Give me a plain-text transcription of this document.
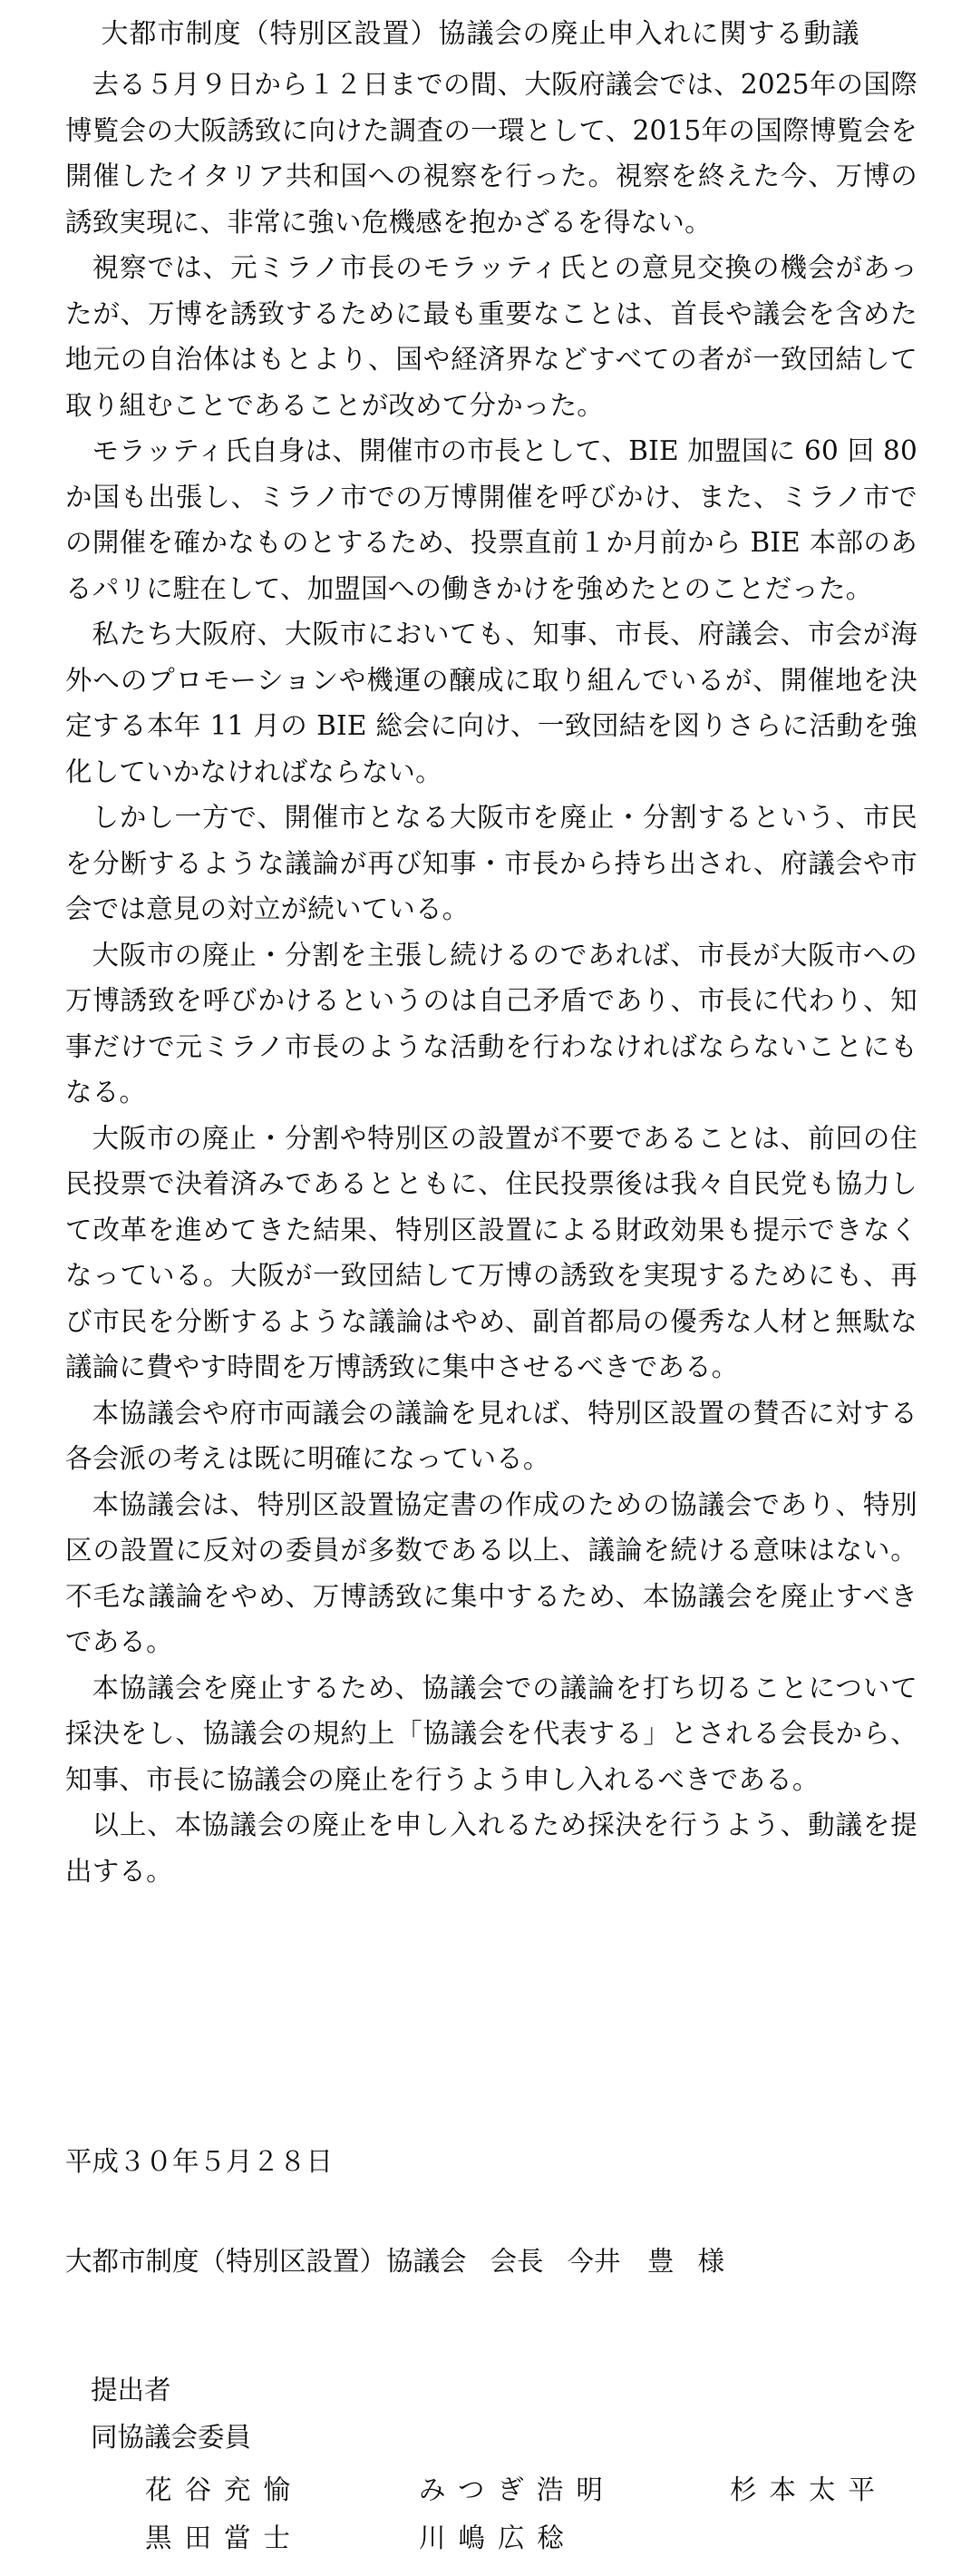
大都市制度（特別区設置）協議会の廃止申入れに関する動議

去る５月９日から１２日までの間、大阪府議会では、2025年の国際博覧会の大阪誘致に向けた調査の一環として、2015年の国際博覧会を開催したイタリア共和国への視察を行った。視察を終えた今、万博の誘致実現に、非常に強い危機感を抱かざるを得ない。

視察では、元ミラノ市長のモラッティ氏との意見交換の機会があったが、万博を誘致するために最も重要なことは、首長や議会を含めた地元の自治体はもとより、国や経済界などすべての者が一致団結して取り組むことであることが改めて分かった。

モラッティ氏自身は、開催市の市長として、BIE 加盟国に 60 回 80 か国も出張し、ミラノ市での万博開催を呼びかけ、また、ミラノ市での開催を確かなものとするため、投票直前１か月前から BIE 本部のあるパリに駐在して、加盟国への働きかけを強めたとのことだった。

私たち大阪府、大阪市においても、知事、市長、府議会、市会が海外へのプロモーションや機運の醸成に取り組んでいるが、開催地を決定する本年 11 月の BIE 総会に向け、一致団結を図りさらに活動を強化していかなければならない。

しかし一方で、開催市となる大阪市を廃止・分割するという、市民を分断するような議論が再び知事・市長から持ち出され、府議会や市会では意見の対立が続いている。

大阪市の廃止・分割を主張し続けるのであれば、市長が大阪市への万博誘致を呼びかけるというのは自己矛盾であり、市長に代わり、知事だけで元ミラノ市長のような活動を行わなければならないことにもなる。

大阪市の廃止・分割や特別区の設置が不要であることは、前回の住民投票で決着済みであるとともに、住民投票後は我々自民党も協力して改革を進めてきた結果、特別区設置による財政効果も提示できなくなっている。大阪が一致団結して万博の誘致を実現するためにも、再び市民を分断するような議論はやめ、副首都局の優秀な人材と無駄な議論に費やす時間を万博誘致に集中させるべきである。

本協議会や府市両議会の議論を見れば、特別区設置の賛否に対する各会派の考えは既に明確になっている。

本協議会は、特別区設置協定書の作成のための協議会であり、特別区の設置に反対の委員が多数である以上、議論を続ける意味はない。不毛な議論をやめ、万博誘致に集中するため、本協議会を廃止すべきである。

本協議会を廃止するため、協議会での議論を打ち切ることについて採決をし、協議会の規約上「協議会を代表する」とされる会長から、知事、市長に協議会の廃止を行うよう申し入れるべきである。

以上、本協議会の廃止を申し入れるため採決を行うよう、動議を提出する。

平成３０年５月２８日
大都市制度（特別区設置）協議会 会長 今井　豊 様
提出者
同協議会委員
花谷充愉	みつぎ浩明	杉本太平
黒田當士	川嶋広稔
